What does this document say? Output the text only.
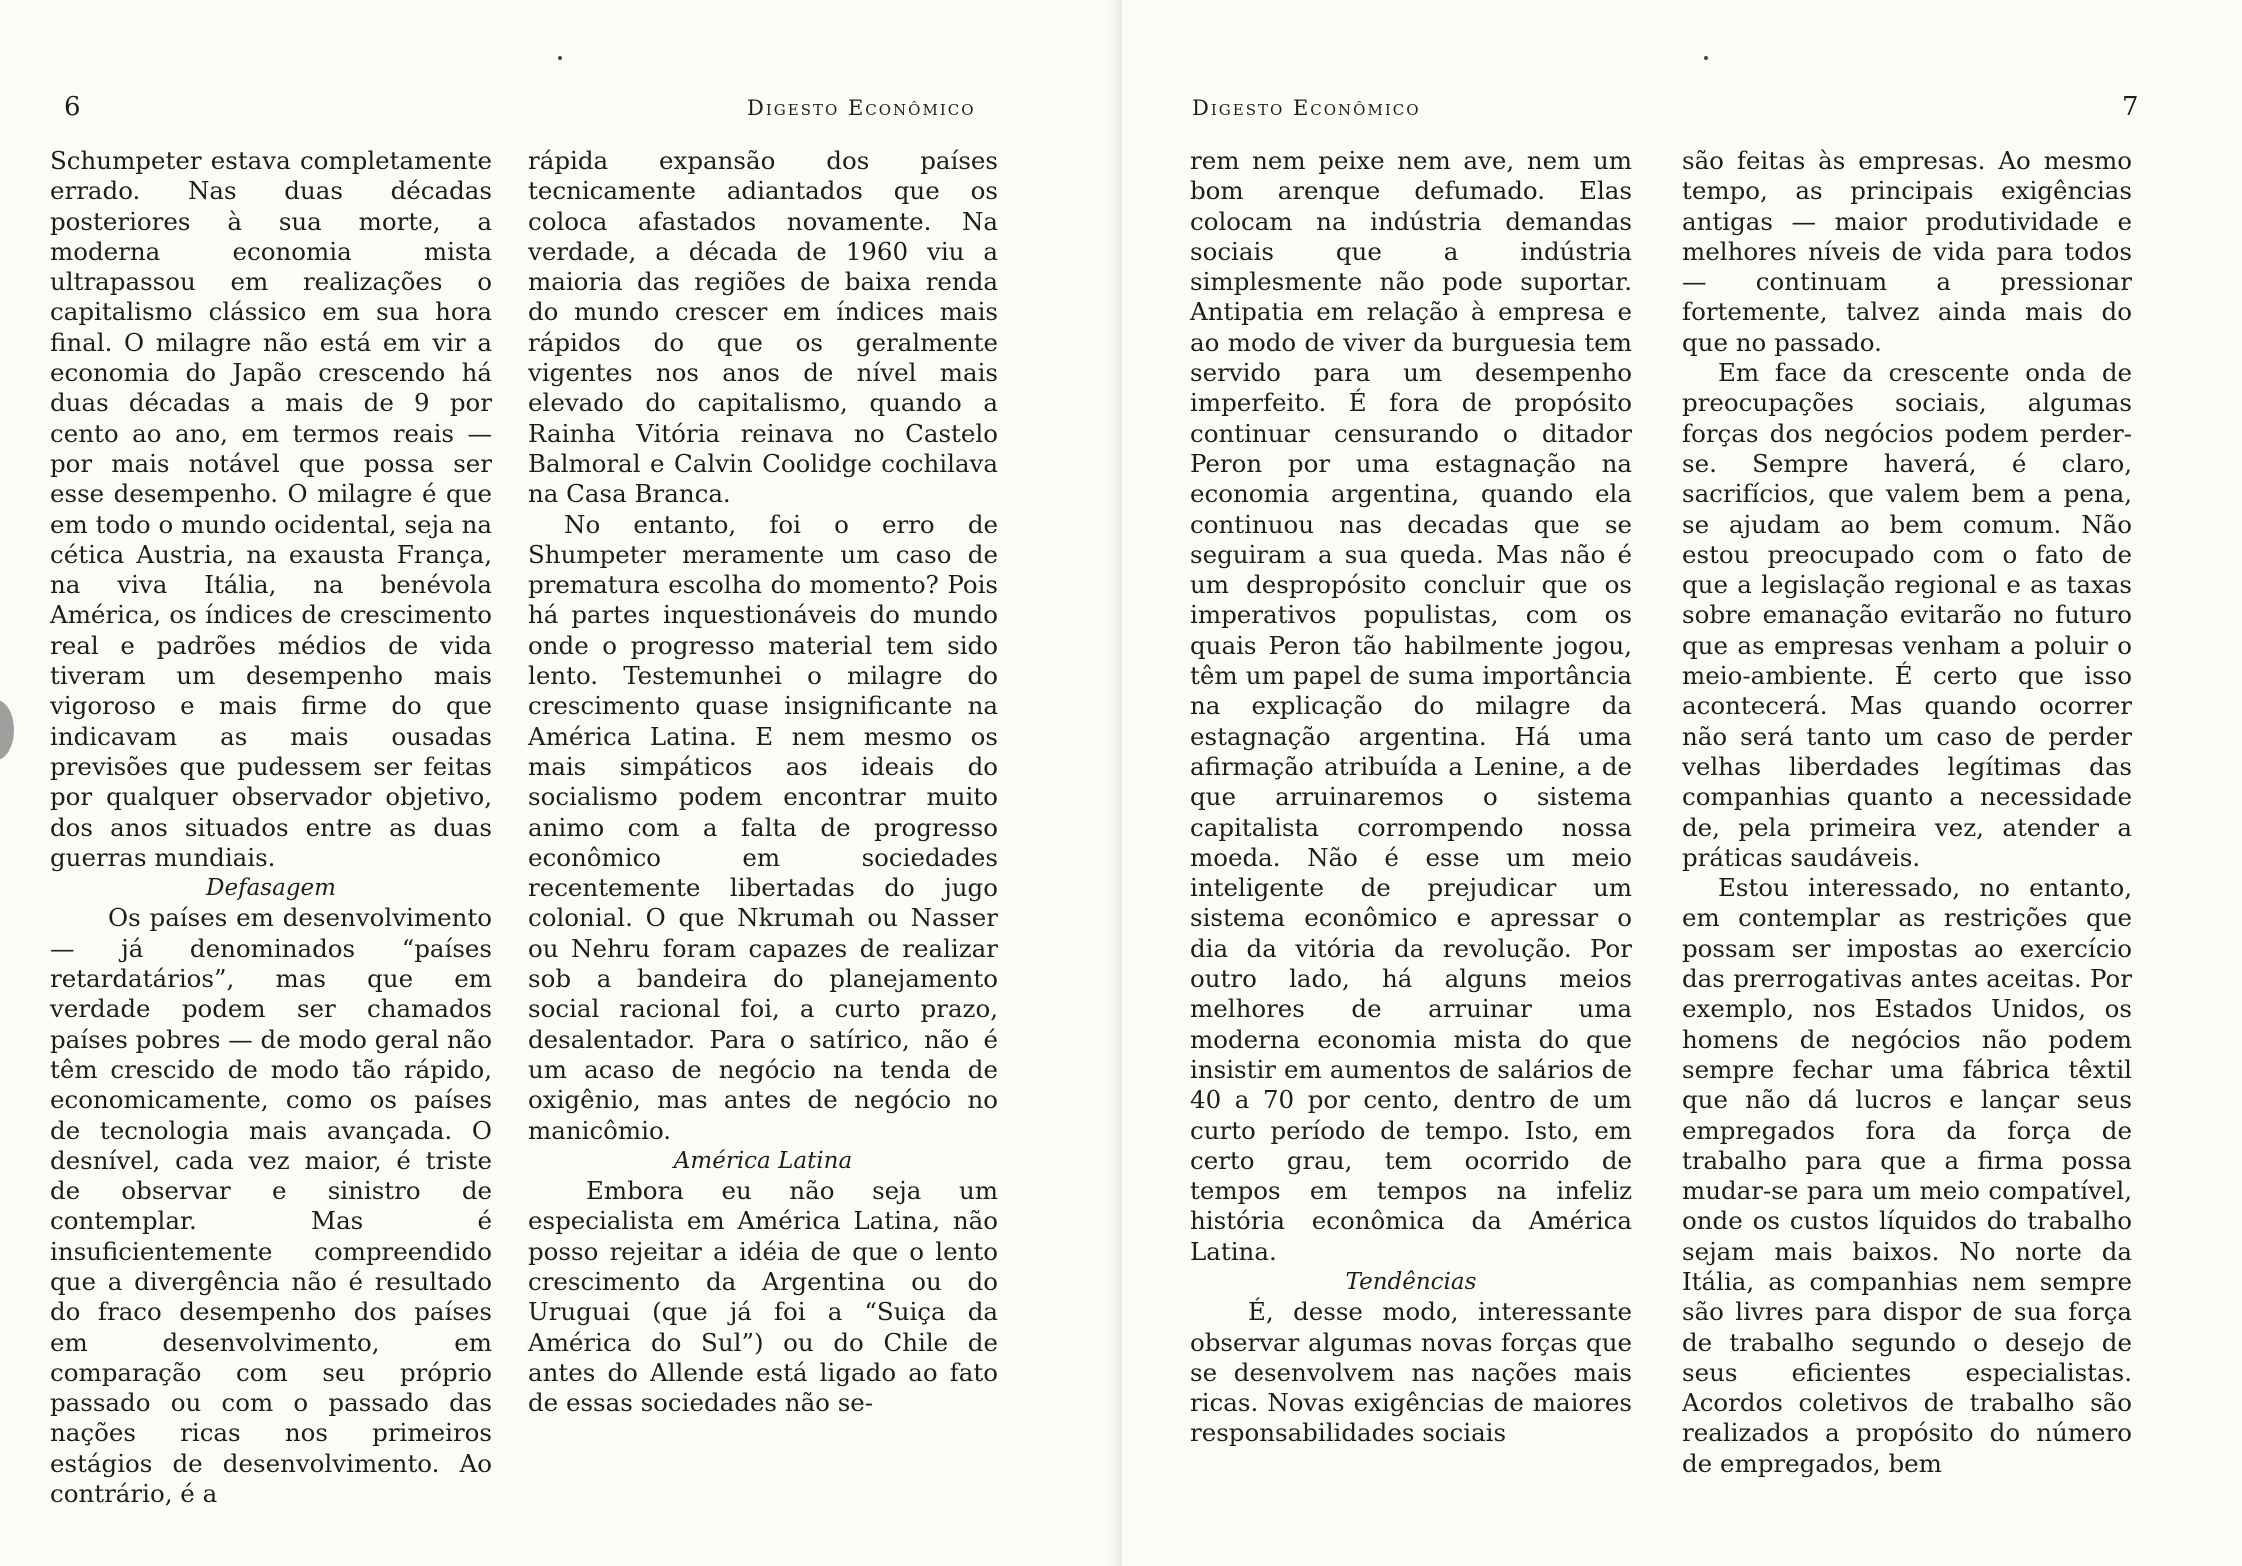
6	Digesto Econômico

Schumpeter estava completamente errado. Nas duas décadas posteriores à sua morte, a moderna economia mista ultrapassou em realizações o capitalismo clássico em sua hora final. O milagre não está em vir a economia do Japão crescendo há duas décadas a mais de 9 por cento ao ano, em termos reais — por mais notável que possa ser esse desempenho. O milagre é que em todo o mundo ocidental, seja na cética Austria, na exausta França, na viva Itália, na benévola América, os índices de crescimento real e padrões médios de vida tiveram um desempenho mais vigoroso e mais firme do que indicavam as mais ousadas previsões que pudessem ser feitas por qualquer observador objetivo, dos anos situados entre as duas guerras mundiais.

Defasagem

Os países em desenvolvimento — já denominados “países retardatários”, mas que em verdade podem ser chamados países pobres — de modo geral não têm crescido de modo tão rápido, economicamente, como os países de tecnologia mais avançada. O desnível, cada vez maior, é triste de observar e sinistro de contemplar. Mas é insuficientemente compreendido que a divergência não é resultado do fraco desempenho dos países em desenvolvimento, em comparação com seu próprio passado ou com o passado das nações ricas nos primeiros estágios de desenvolvimento. Ao contrário, é a

rápida expansão dos países tecnicamente adiantados que os coloca afastados novamente. Na verdade, a década de 1960 viu a maioria das regiões de baixa renda do mundo crescer em índices mais rápidos do que os geralmente vigentes nos anos de nível mais elevado do capitalismo, quando a Rainha Vitória reinava no Castelo Balmoral e Calvin Coolidge cochilava na Casa Branca.

No entanto, foi o erro de Shumpeter meramente um caso de prematura escolha do momento? Pois há partes inquestionáveis do mundo onde o progresso material tem sido lento. Testemunhei o milagre do crescimento quase insignificante na América Latina. E nem mesmo os mais simpáticos aos ideais do socialismo podem encontrar muito animo com a falta de progresso econômico em sociedades recentemente libertadas do jugo colonial. O que Nkrumah ou Nasser ou Nehru foram capazes de realizar sob a bandeira do planejamento social racional foi, a curto prazo, desalentador. Para o satírico, não é um acaso de negócio na tenda de oxigênio, mas antes de negócio no manicômio.

América Latina

Embora eu não seja um especialista em América Latina, não posso rejeitar a idéia de que o lento crescimento da Argentina ou do Uruguai (que já foi a “Suiça da América do Sul”) ou do Chile de antes do Allende está ligado ao fato de essas sociedades não se-

Digesto Econômico	7

rem nem peixe nem ave, nem um bom arenque defumado. Elas colocam na indústria demandas sociais que a indústria simplesmente não pode suportar. Antipatia em relação à empresa e ao modo de viver da burguesia tem servido para um desempenho imperfeito. É fora de propósito continuar censurando o ditador Peron por uma estagnação na economia argentina, quando ela continuou nas decadas que se seguiram a sua queda. Mas não é um despropósito concluir que os imperativos populistas, com os quais Peron tão habilmente jogou, têm um papel de suma importância na explicação do milagre da estagnação argentina. Há uma afirmação atribuída a Lenine, a de que arruinaremos o sistema capitalista corrompendo nossa moeda. Não é esse um meio inteligente de prejudicar um sistema econômico e apressar o dia da vitória da revolução. Por outro lado, há alguns meios melhores de arruinar uma moderna economia mista do que insistir em aumentos de salários de 40 a 70 por cento, dentro de um curto período de tempo. Isto, em certo grau, tem ocorrido de tempos em tempos na infeliz história econômica da América Latina.

Tendências

É, desse modo, interessante observar algumas novas forças que se desenvolvem nas nações mais ricas. Novas exigências de maiores responsabilidades sociais

são feitas às empresas. Ao mesmo tempo, as principais exigências antigas — maior produtividade e melhores níveis de vida para todos — continuam a pressionar fortemente, talvez ainda mais do que no passado.

Em face da crescente onda de preocupações sociais, algumas forças dos negócios podem perder-se. Sempre haverá, é claro, sacrifícios, que valem bem a pena, se ajudam ao bem comum. Não estou preocupado com o fato de que a legislação regional e as taxas sobre emanação evitarão no futuro que as empresas venham a poluir o meio-ambiente. É certo que isso acontecerá. Mas quando ocorrer não será tanto um caso de perder velhas liberdades legítimas das companhias quanto a necessidade de, pela primeira vez, atender a práticas saudáveis.

Estou interessado, no entanto, em contemplar as restrições que possam ser impostas ao exercício das prerrogativas antes aceitas. Por exemplo, nos Estados Unidos, os homens de negócios não podem sempre fechar uma fábrica têxtil que não dá lucros e lançar seus empregados fora da força de trabalho para que a firma possa mudar-se para um meio compatível, onde os custos líquidos do trabalho sejam mais baixos. No norte da Itália, as companhias nem sempre são livres para dispor de sua força de trabalho segundo o desejo de seus eficientes especialistas. Acordos coletivos de trabalho são realizados a propósito do número de empregados, bem
